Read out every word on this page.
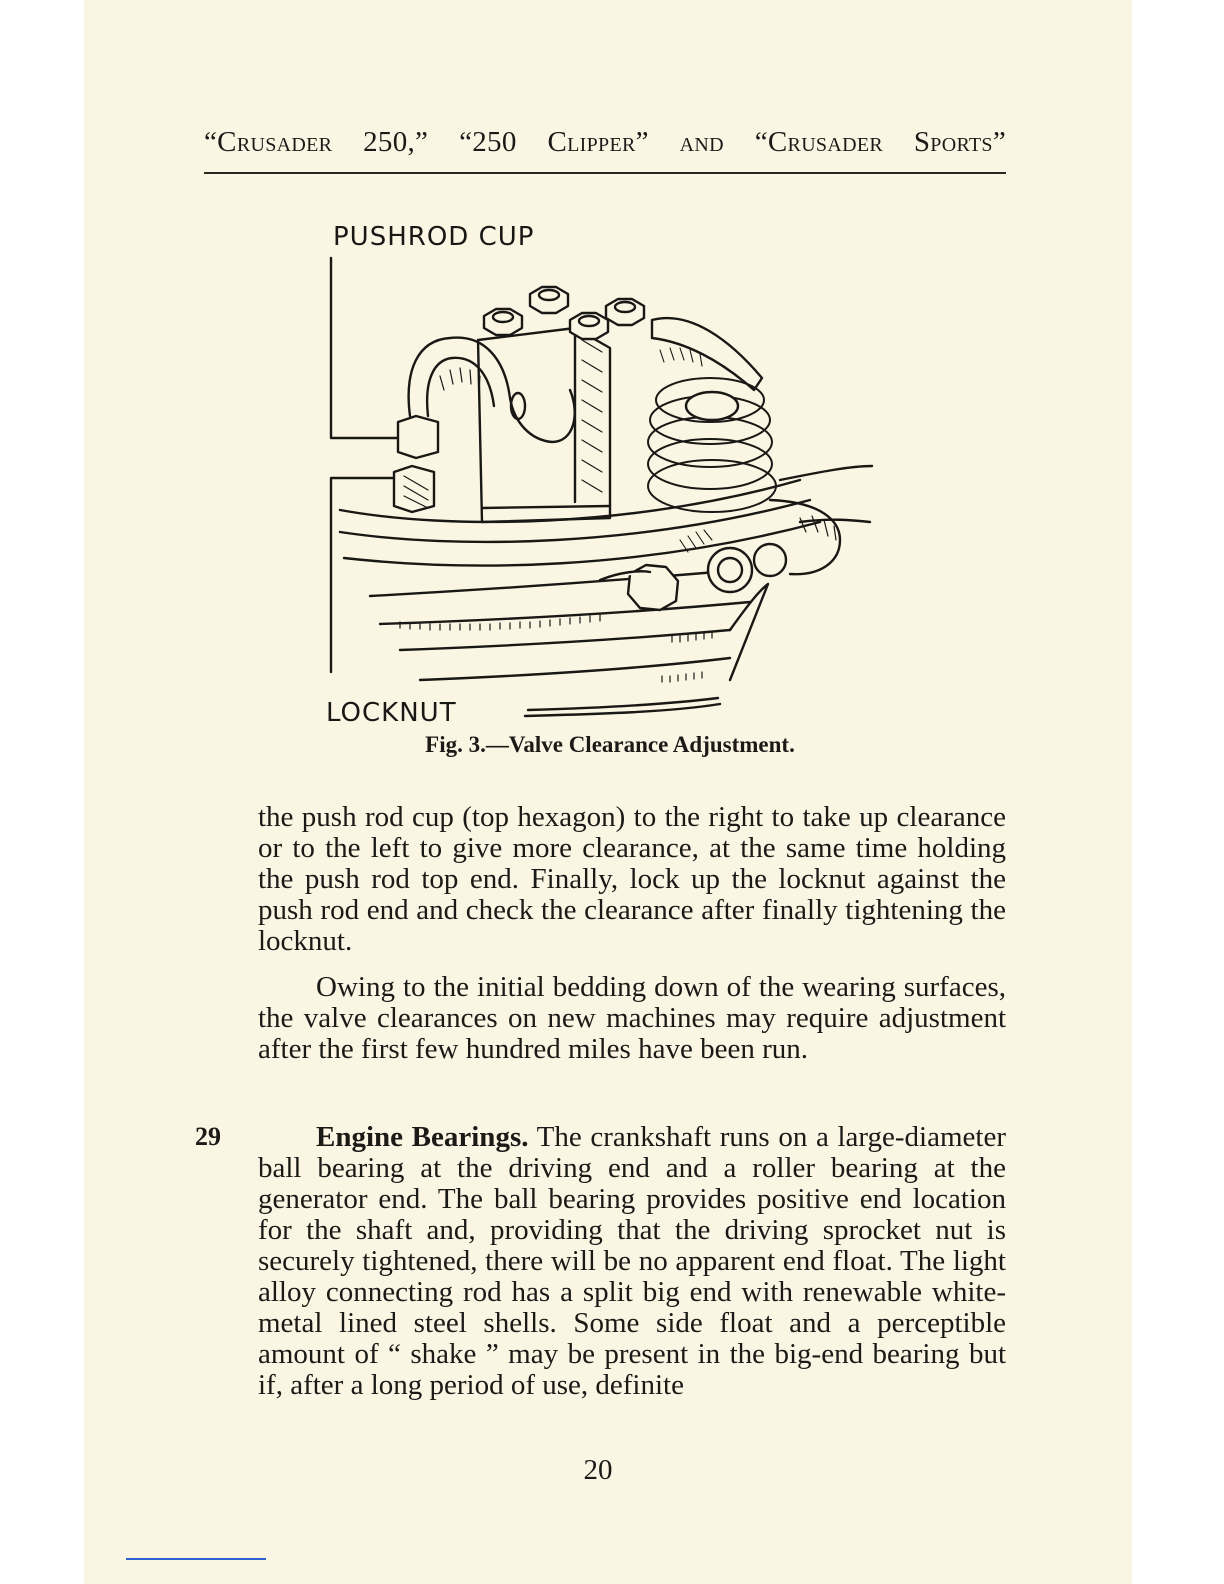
“Crusader 250,” “250 Clipper” and “Crusader Sports”
PUSHROD CUP
LOCKNUT
Fig. 3.—Valve Clearance Adjustment.

the push rod cup (top hexagon) to the right to take up clearance or to the left to give more clearance, at the same time holding the push rod top end. Finally, lock up the locknut against the push rod end and check the clearance after finally tightening the locknut.

Owing to the initial bedding down of the wearing surfaces, the valve clearances on new machines may require adjustment after the first few hundred miles have been run.

29	Engine Bearings. The crankshaft runs on a large-diameter ball bearing at the driving end and a roller bearing at the generator end. The ball bearing provides positive end location for the shaft and, providing that the driving sprocket nut is securely tightened, there will be no apparent end float. The light alloy connecting rod has a split big end with renewable white-metal lined steel shells. Some side float and a perceptible amount of “ shake ” may be present in the big-end bearing but if, after a long period of use, definite

20
